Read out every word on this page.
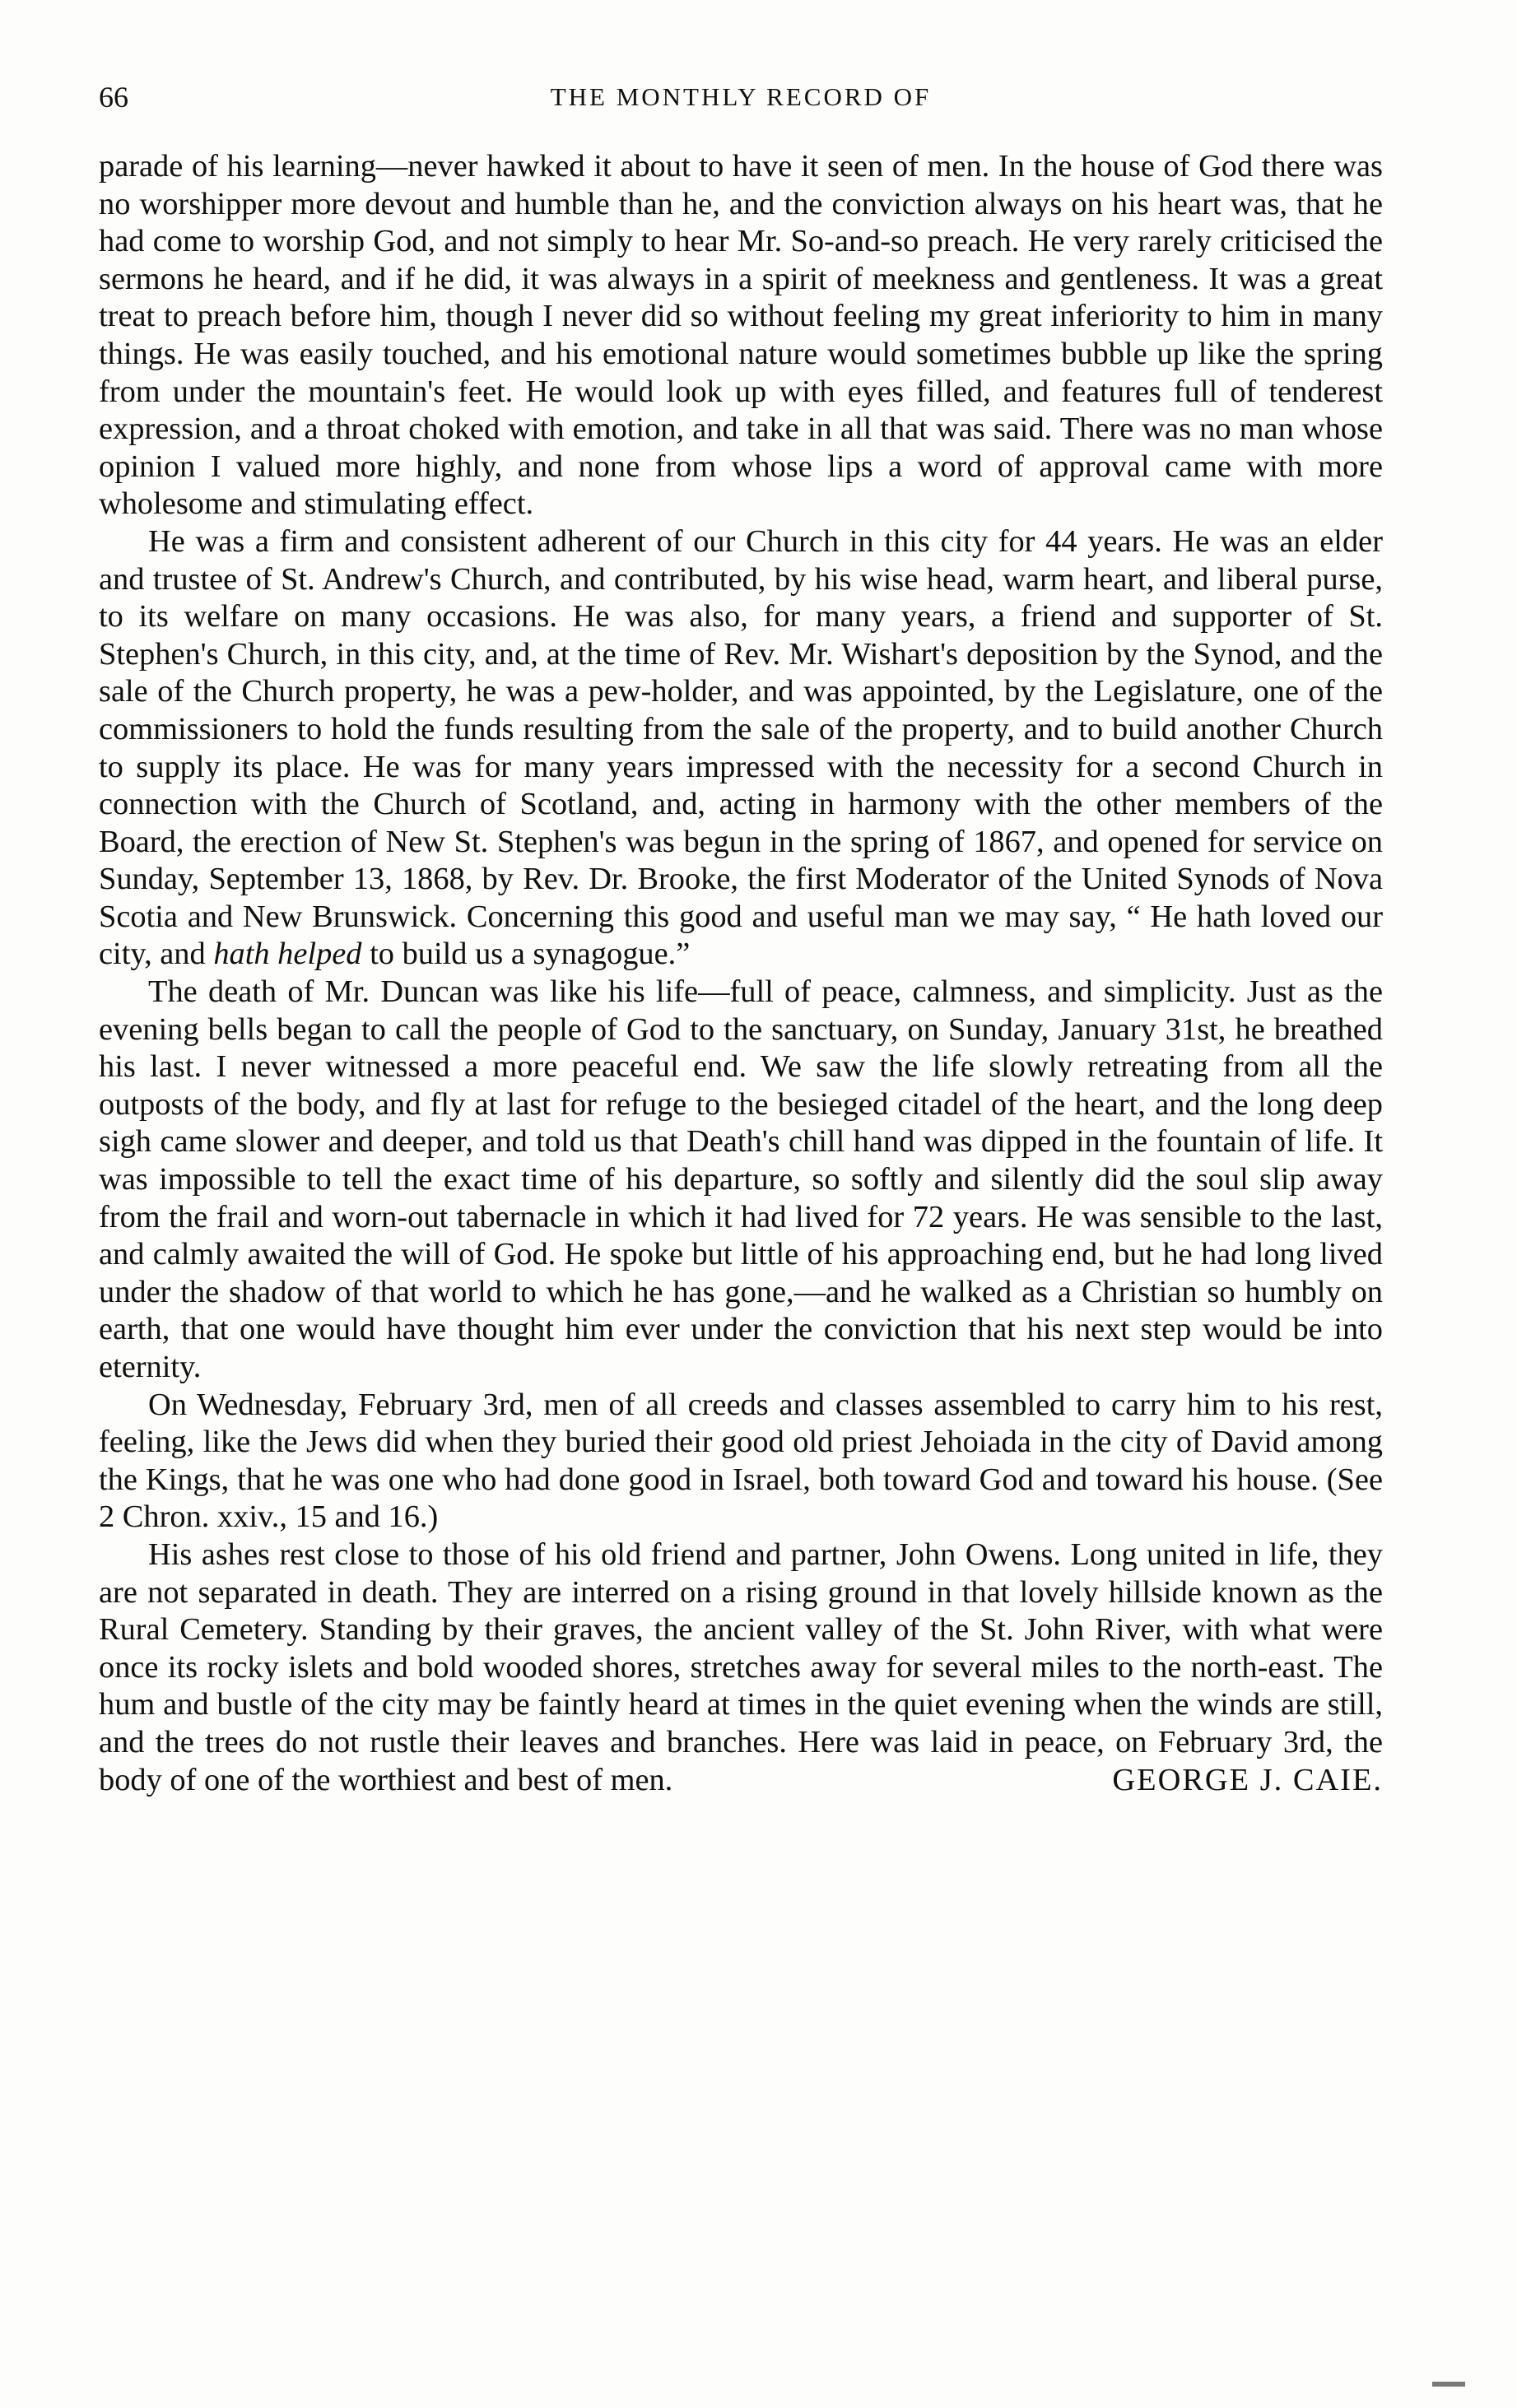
66	THE MONTHLY RECORD OF

parade of his learning—never hawked it about to have it seen of men. In the house of God there was no worshipper more devout and humble than he, and the conviction always on his heart was, that he had come to worship God, and not simply to hear Mr. So-and-so preach. He very rarely criticised the sermons he heard, and if he did, it was always in a spirit of meekness and gentleness. It was a great treat to preach before him, though I never did so without feeling my great inferiority to him in many things. He was easily touched, and his emotional nature would sometimes bubble up like the spring from under the mountain's feet. He would look up with eyes filled, and features full of tenderest expression, and a throat choked with emotion, and take in all that was said. There was no man whose opinion I valued more highly, and none from whose lips a word of approval came with more wholesome and stimulating effect.

He was a firm and consistent adherent of our Church in this city for 44 years. He was an elder and trustee of St. Andrew's Church, and contributed, by his wise head, warm heart, and liberal purse, to its welfare on many occasions. He was also, for many years, a friend and supporter of St. Stephen's Church, in this city, and, at the time of Rev. Mr. Wishart's deposition by the Synod, and the sale of the Church property, he was a pew-holder, and was appointed, by the Legislature, one of the commissioners to hold the funds resulting from the sale of the property, and to build another Church to supply its place. He was for many years impressed with the necessity for a second Church in connection with the Church of Scotland, and, acting in harmony with the other members of the Board, the erection of New St. Stephen's was begun in the spring of 1867, and opened for service on Sunday, September 13, 1868, by Rev. Dr. Brooke, the first Moderator of the United Synods of Nova Scotia and New Brunswick. Concerning this good and useful man we may say, “ He hath loved our city, and hath helped to build us a synagogue.”

The death of Mr. Duncan was like his life—full of peace, calmness, and simplicity. Just as the evening bells began to call the people of God to the sanctuary, on Sunday, January 31st, he breathed his last. I never witnessed a more peaceful end. We saw the life slowly retreating from all the outposts of the body, and fly at last for refuge to the besieged citadel of the heart, and the long deep sigh came slower and deeper, and told us that Death's chill hand was dipped in the fountain of life. It was impossible to tell the exact time of his departure, so softly and silently did the soul slip away from the frail and worn-out tabernacle in which it had lived for 72 years. He was sensible to the last, and calmly awaited the will of God. He spoke but little of his approaching end, but he had long lived under the shadow of that world to which he has gone,—and he walked as a Christian so humbly on earth, that one would have thought him ever under the conviction that his next step would be into eternity.

On Wednesday, February 3rd, men of all creeds and classes assembled to carry him to his rest, feeling, like the Jews did when they buried their good old priest Jehoiada in the city of David among the Kings, that he was one who had done good in Israel, both toward God and toward his house. (See 2 Chron. xxiv., 15 and 16.)

His ashes rest close to those of his old friend and partner, John Owens. Long united in life, they are not separated in death. They are interred on a rising ground in that lovely hillside known as the Rural Cemetery. Standing by their graves, the ancient valley of the St. John River, with what were once its rocky islets and bold wooded shores, stretches away for several miles to the north-east. The hum and bustle of the city may be faintly heard at times in the quiet evening when the winds are still, and the trees do not rustle their leaves and branches. Here was laid in peace, on February 3rd, the body of one of the worthiest and best of men.	GEORGE J. CAIE.
